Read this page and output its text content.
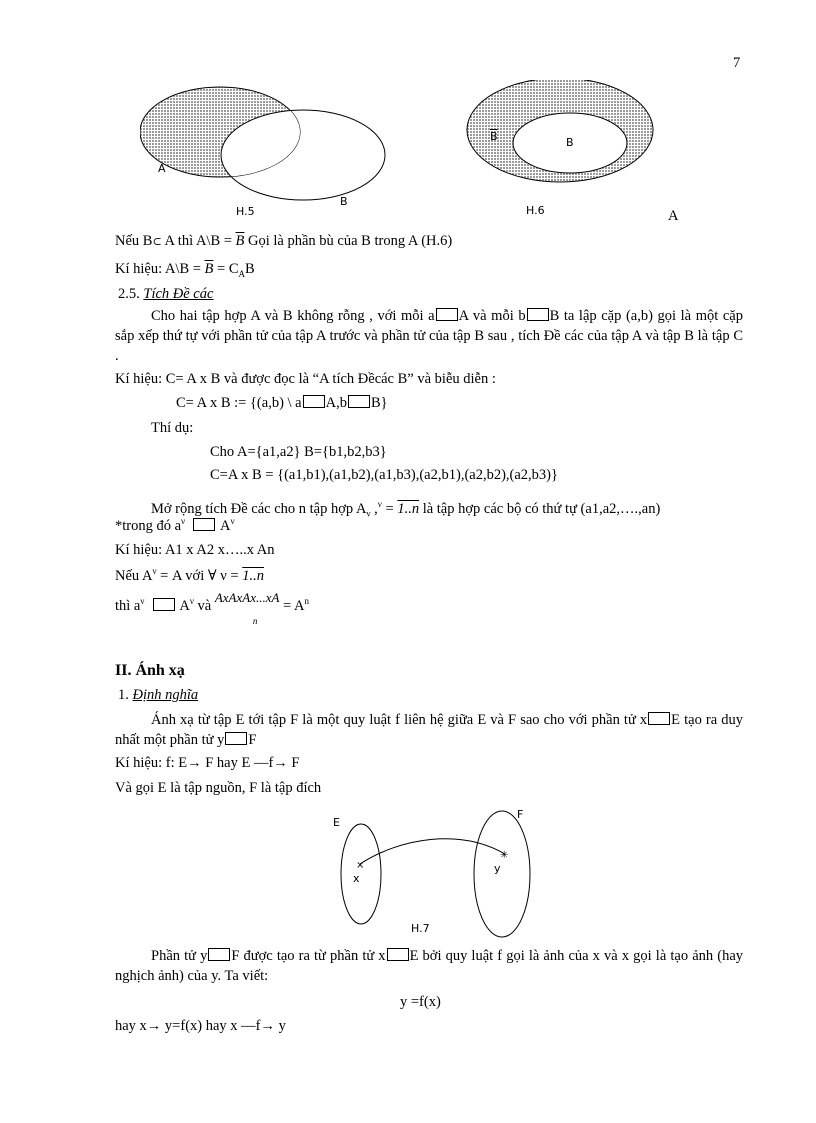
7
A
B
H.5
$\overline{B}$	B
H.6	A
Nếu B⊂ A thì A\B = $\overline{B}$ Gọi là phần bù của B trong A (H.6)
Kí hiệu: A\B = $\overline{B} = C_AB$
2.5. Tích Đề các
Cho hai tập hợp A và B không rỗng , với mỗi a A và mỗi b B ta lập cặp (a,b) gọi là một cặp sắp xếp thứ tự với phần tử của tập A trước và phần tử của tập B sau , tích Đề các của tập A và tập B là tập C .
Kí hiệu: C= A x B và được đọc là “A tích Đềcác B” và biễu diễn :
C= A x B := {(a,b) \ a A,b B}
Thí dụ:
Cho A={a1,a2} B={b1,b2,b3}
C=A x B = {(a1,b1),(a1,b2),(a1,b3),(a2,b1),(a2,b2),(a2,b3)}
Mở rộng tích Đề các cho n tập hợp $A_\nu$ ,$^\nu$ = 1..n là tập hợp các bộ có thứ tự (a1,a2,….,an)
*trong đó $a^\nu$ $A^\nu$
Kí hiệu: A1 x A2 x…..x An
Nếu $A^\nu = A$ với ∀ ν = 1..n
thì $a^\nu$ $A^\nu$ và AxAxAx...xA
n
= $A^n$
II. Ánh xạ
1. Định nghĩa
Ánh xạ từ tập E tới tập F là một quy luật f liên hệ giữa E và F sao cho với phần tử x E tạo ra duy nhất một phần tử y F
Kí hiệu: f: E→ F hay E —f→ F
Và gọi E là tập nguồn, F là tập đích
×
✳
E
F
x
y
H.7
Phần tử y F được tạo ra từ phần tử x E bởi quy luật f gọi là ảnh của x và x gọi là tạo ảnh (hay nghịch ảnh) của y. Ta viết:
y =f(x)
hay x→ y=f(x) hay x —f→ y
